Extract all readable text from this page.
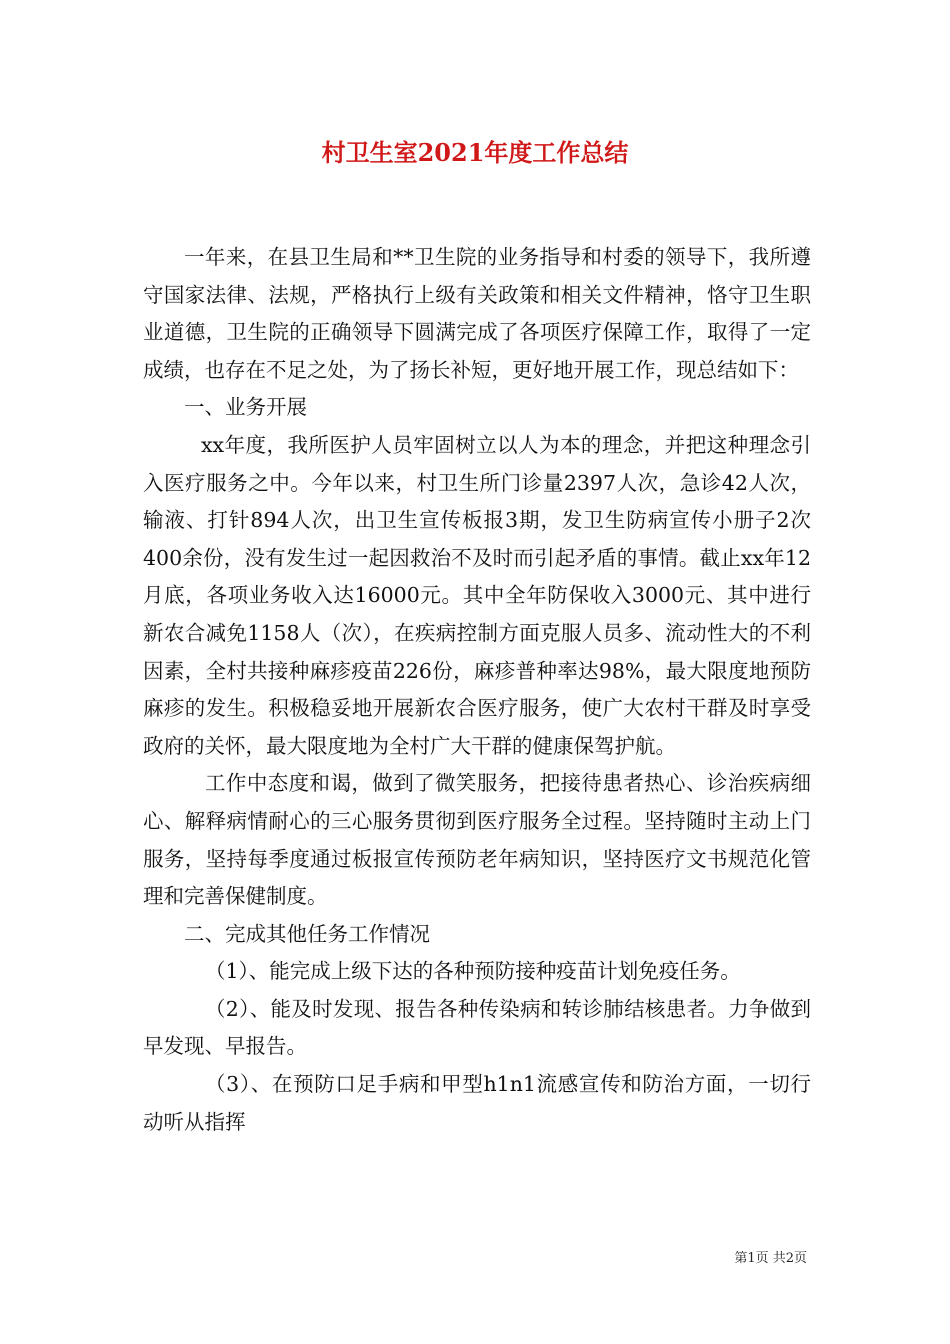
村卫生室2021年度工作总结

一年来，在县卫生局和**卫生院的业务指导和村委的领导下，我所遵守国家法律、法规，严格执行上级有关政策和相关文件精神，恪守卫生职业道德，卫生院的正确领导下圆满完成了各项医疗保障工作，取得了一定成绩，也存在不足之处，为了扬长补短，更好地开展工作，现总结如下：

一、业务开展

xx年度，我所医护人员牢固树立以人为本的理念，并把这种理念引入医疗服务之中。今年以来，村卫生所门诊量2397人次，急诊42人次，输液、打针894人次，出卫生宣传板报3期，发卫生防病宣传小册子2次400余份，没有发生过一起因救治不及时而引起矛盾的事情。截止xx年12月底，各项业务收入达16000元。其中全年防保收入3000元、其中进行新农合减免1158人（次），在疾病控制方面克服人员多、流动性大的不利因素，全村共接种麻疹疫苗226份，麻疹普种率达98%，最大限度地预防麻疹的发生。积极稳妥地开展新农合医疗服务，使广大农村干群及时享受政府的关怀，最大限度地为全村广大干群的健康保驾护航。

工作中态度和谒，做到了微笑服务，把接待患者热心、诊治疾病细心、解释病情耐心的三心服务贯彻到医疗服务全过程。坚持随时主动上门服务，坚持每季度通过板报宣传预防老年病知识，坚持医疗文书规范化管理和完善保健制度。

二、完成其他任务工作情况

（1）、能完成上级下达的各种预防接种疫苗计划免疫任务。

（2）、能及时发现、报告各种传染病和转诊肺结核患者。力争做到早发现、早报告。

（3）、在预防口足手病和甲型h1n1流感宣传和防治方面，一切行动听从指挥

第1页 共2页
